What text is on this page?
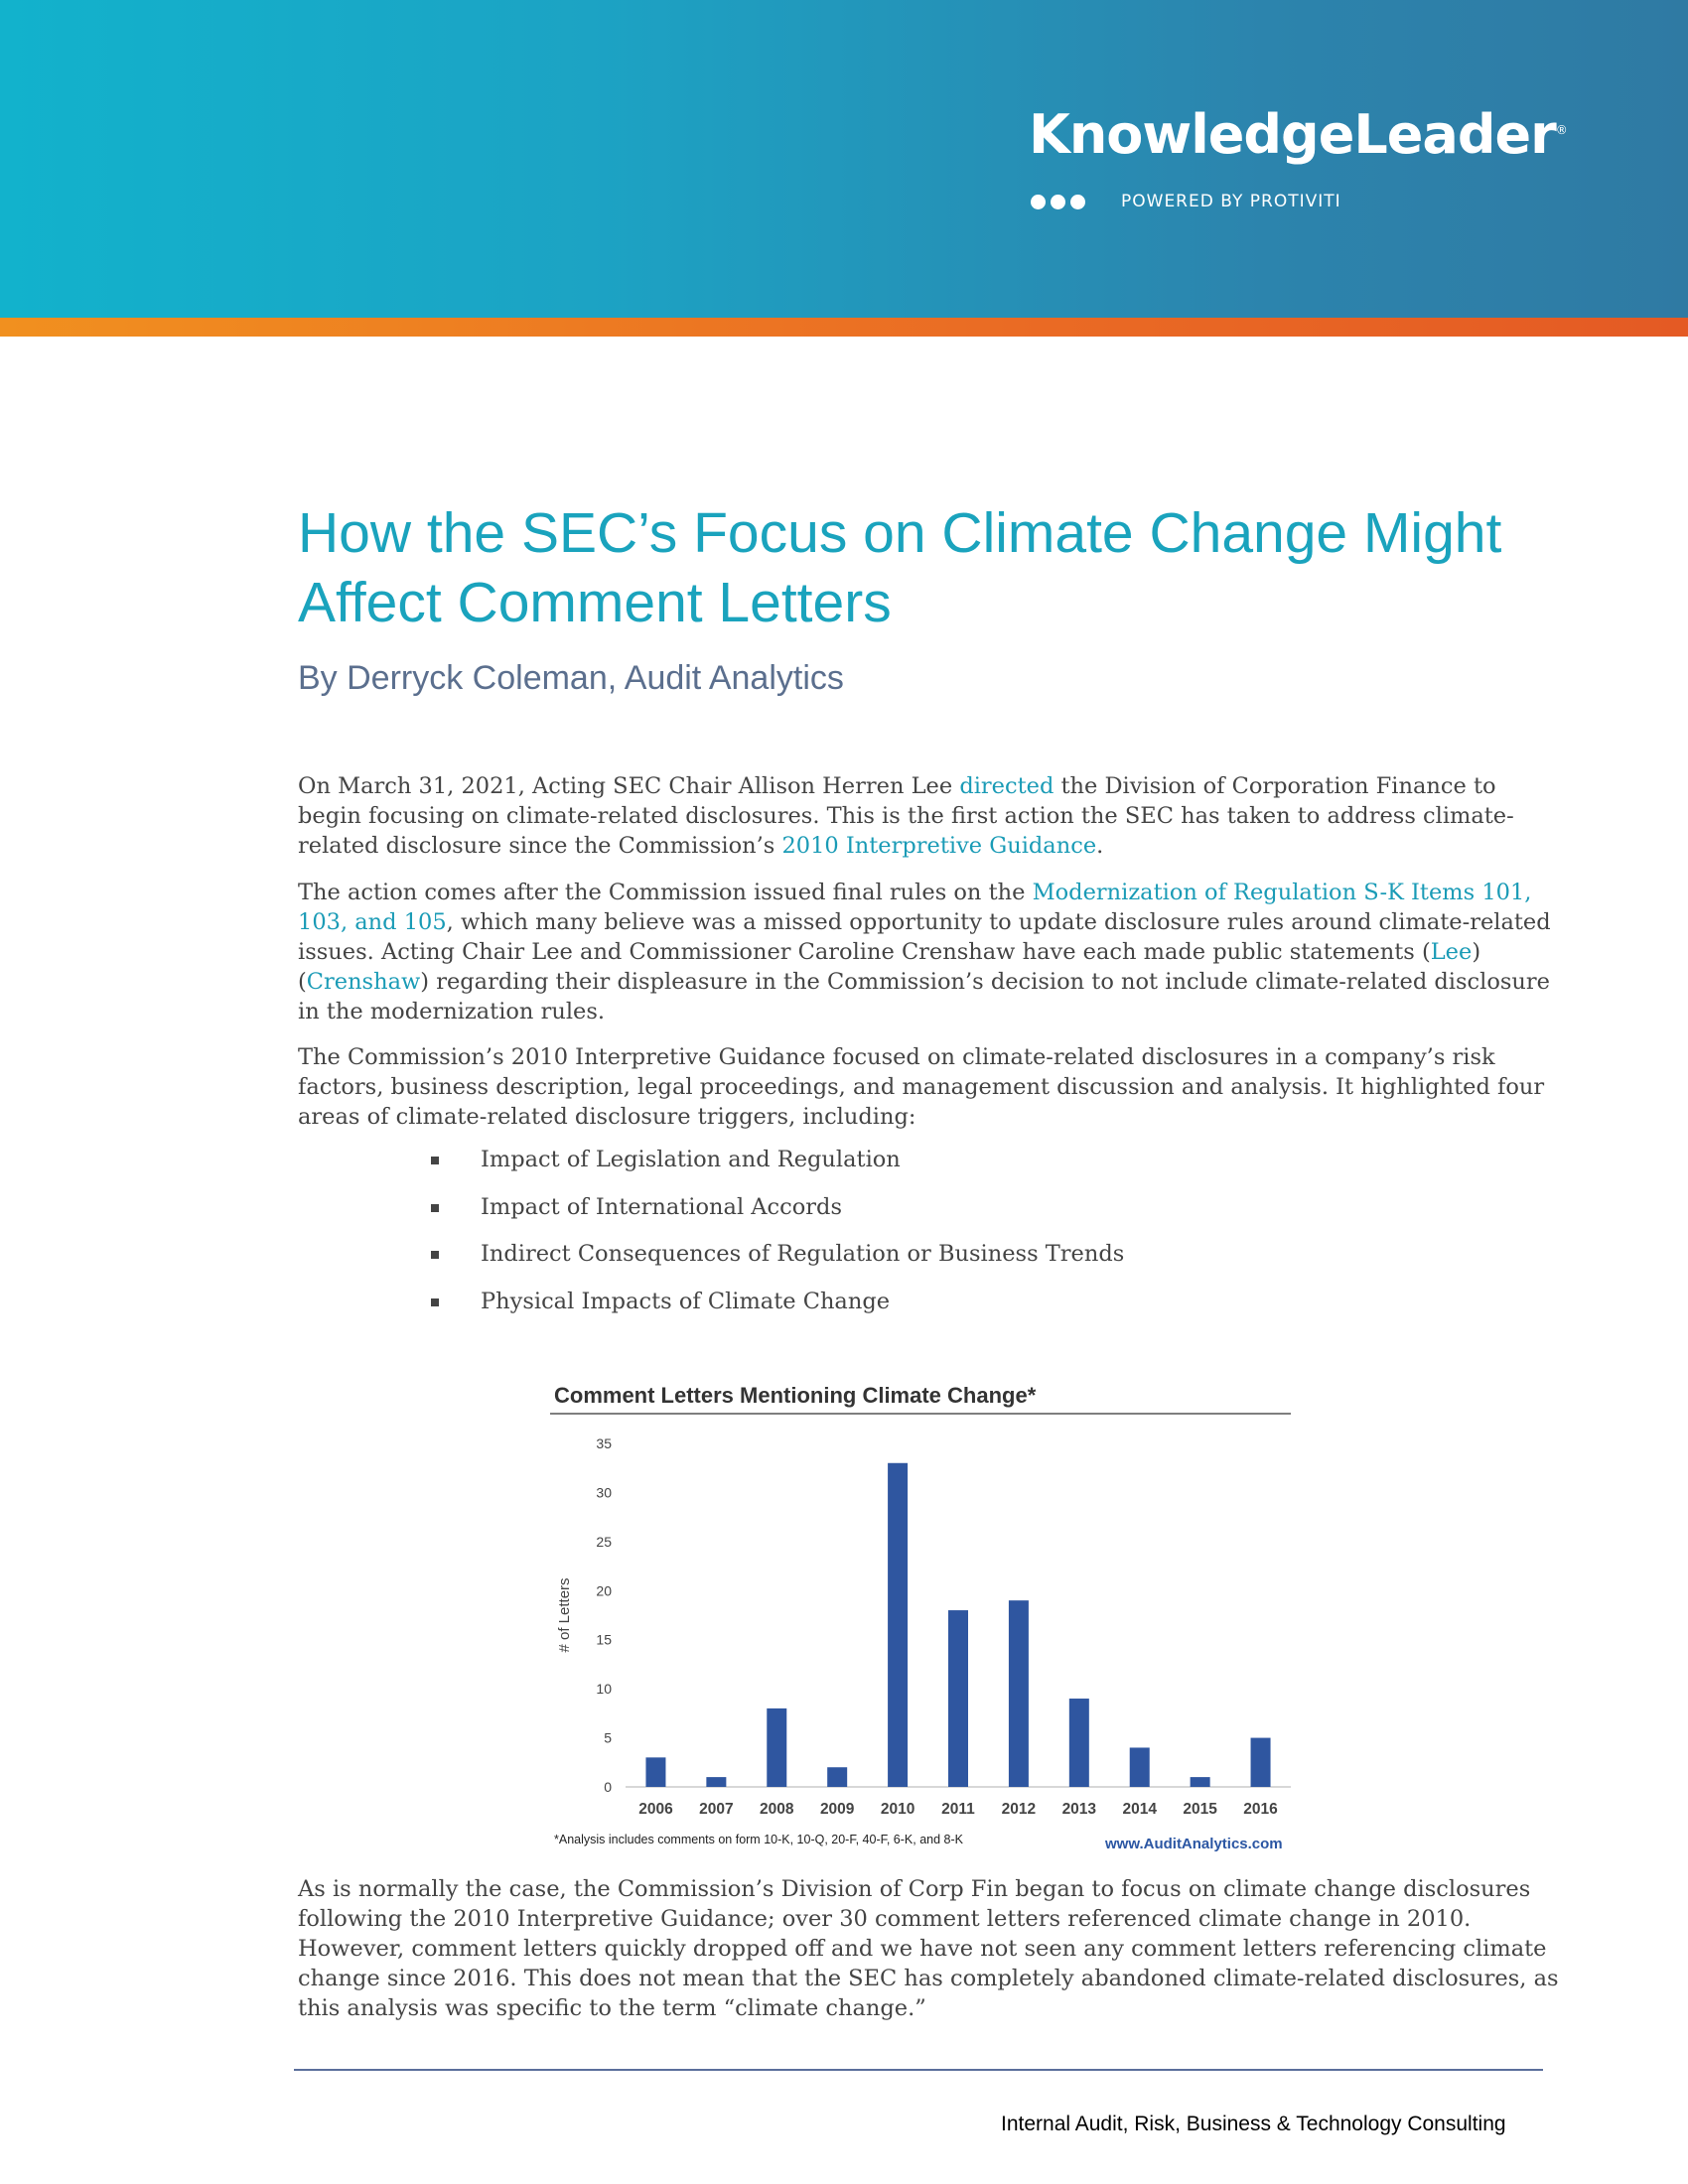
KnowledgeLeader®
POWERED BY PROTIVITI
How the SEC’s Focus on Climate Change Might Affect Comment Letters
By Derryck Coleman, Audit Analytics

On March 31, 2021, Acting SEC Chair Allison Herren Lee directed the Division of Corporation Finance to begin focusing on climate-related disclosures. This is the first action the SEC has taken to address climate-related disclosure since the Commission’s 2010 Interpretive Guidance.

The action comes after the Commission issued final rules on the Modernization of Regulation S-K Items 101, 103, and 105, which many believe was a missed opportunity to update disclosure rules around climate-related issues. Acting Chair Lee and Commissioner Caroline Crenshaw have each made public statements (Lee) (Crenshaw) regarding their displeasure in the Commission’s decision to not include climate-related disclosure in the modernization rules.

The Commission’s 2010 Interpretive Guidance focused on climate-related disclosures in a company’s risk factors, business description, legal proceedings, and management discussion and analysis. It highlighted four areas of climate-related disclosure triggers, including:

Impact of Legislation and Regulation
Impact of International Accords
Indirect Consequences of Regulation or Business Trends
Physical Impacts of Climate Change
Comment Letters Mentioning Climate Change*
0
5
10
15
20
25
30
35
# of Letters
2006 2007 2008 2009 2010 2011 2012 2013 2014 2015 2016
*Analysis includes comments on form 10-K, 10-Q, 20-F, 40-F, 6-K, and 8-K	www.AuditAnalytics.com

As is normally the case, the Commission’s Division of Corp Fin began to focus on climate change disclosures following the 2010 Interpretive Guidance; over 30 comment letters referenced climate change in 2010. However, comment letters quickly dropped off and we have not seen any comment letters referencing climate change since 2016. This does not mean that the SEC has completely abandoned climate-related disclosures, as this analysis was specific to the term “climate change.”

Internal Audit, Risk, Business & Technology Consulting
